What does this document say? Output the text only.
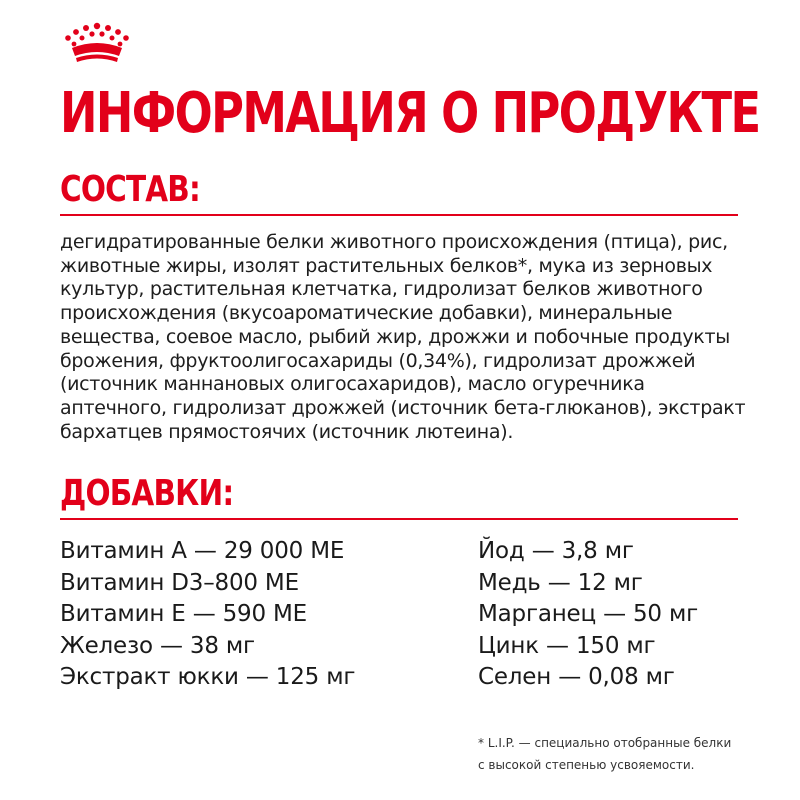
ИНФОРМАЦИЯ О ПРОДУКТЕ
СОСТАВ:

дегидратированные белки животного происхождения (птица), рис, животные жиры, изолят растительных белков*, мука из зерновых культур, растительная клетчатка, гидролизат белков животного происхождения (вкусоароматические добавки), минеральные вещества, соевое масло, рыбий жир, дрожжи и побочные продукты брожения, фруктоолигосахариды (0,34%), гидролизат дрожжей (источник маннановых олигосахаридов), масло огуречника аптечного, гидролизат дрожжей (источник бета-глюканов), экстракт бархатцев прямостоячих (источник лютеина).

ДОБАВКИ:
Витамин А — 29 000 МЕ
Витамин D3–800 МЕ
Витамин Е — 590 МЕ
Железо — 38 мг
Экстракт юкки — 125 мг
Йод — 3,8 мг
Медь — 12 мг
Марганец — 50 мг
Цинк — 150 мг
Селен — 0,08 мг
* L.I.P. — специально отобранные белки
с высокой степенью усвояемости.
